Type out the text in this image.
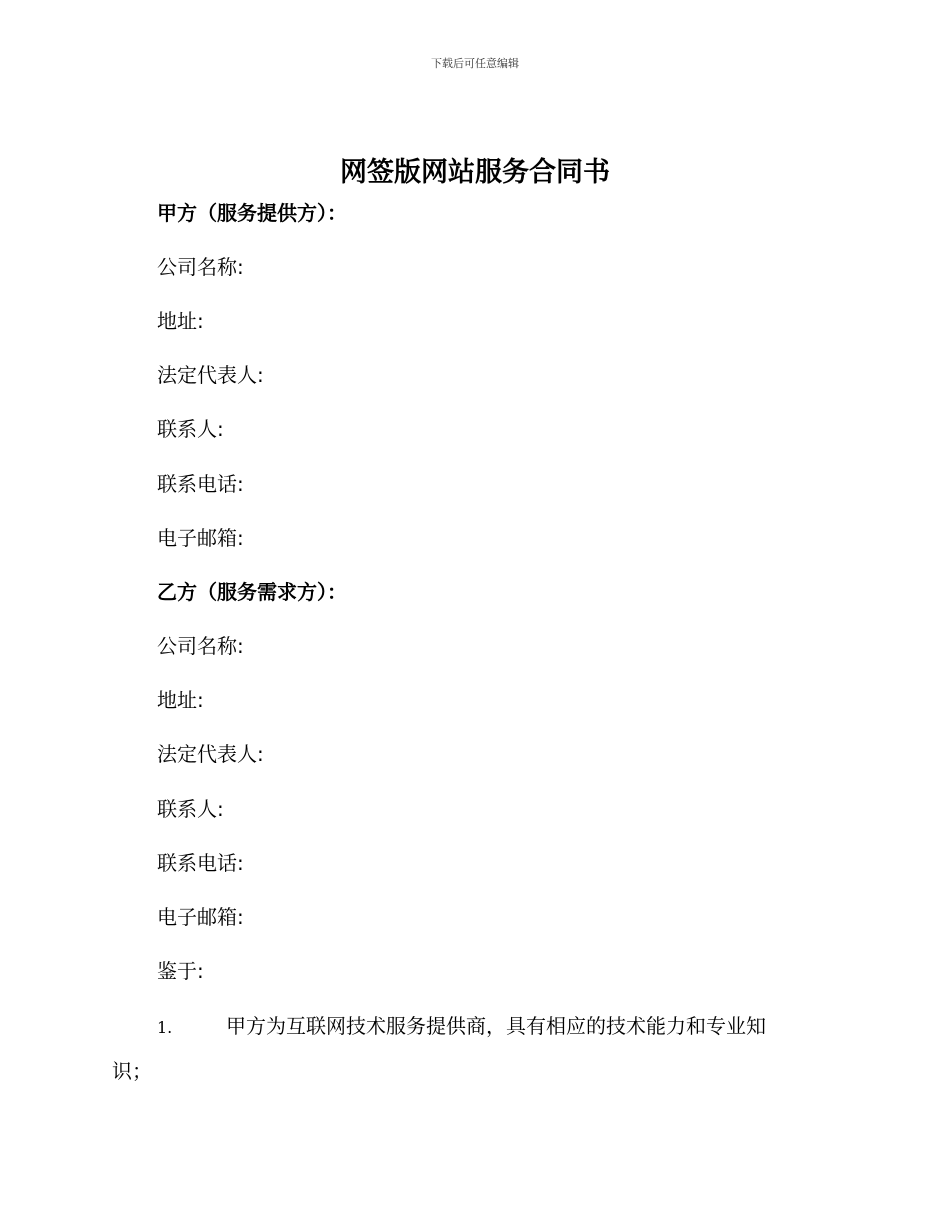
下载后可任意编辑
网签版网站服务合同书
甲方（服务提供方）：
公司名称:
地址:
法定代表人:
联系人:
联系电话:
电子邮箱:
乙方（服务需求方）：
公司名称:
地址:
法定代表人:
联系人:
联系电话:
电子邮箱:
鉴于:
1.	甲方为互联网技术服务提供商，具有相应的技术能力和专业知
识；
